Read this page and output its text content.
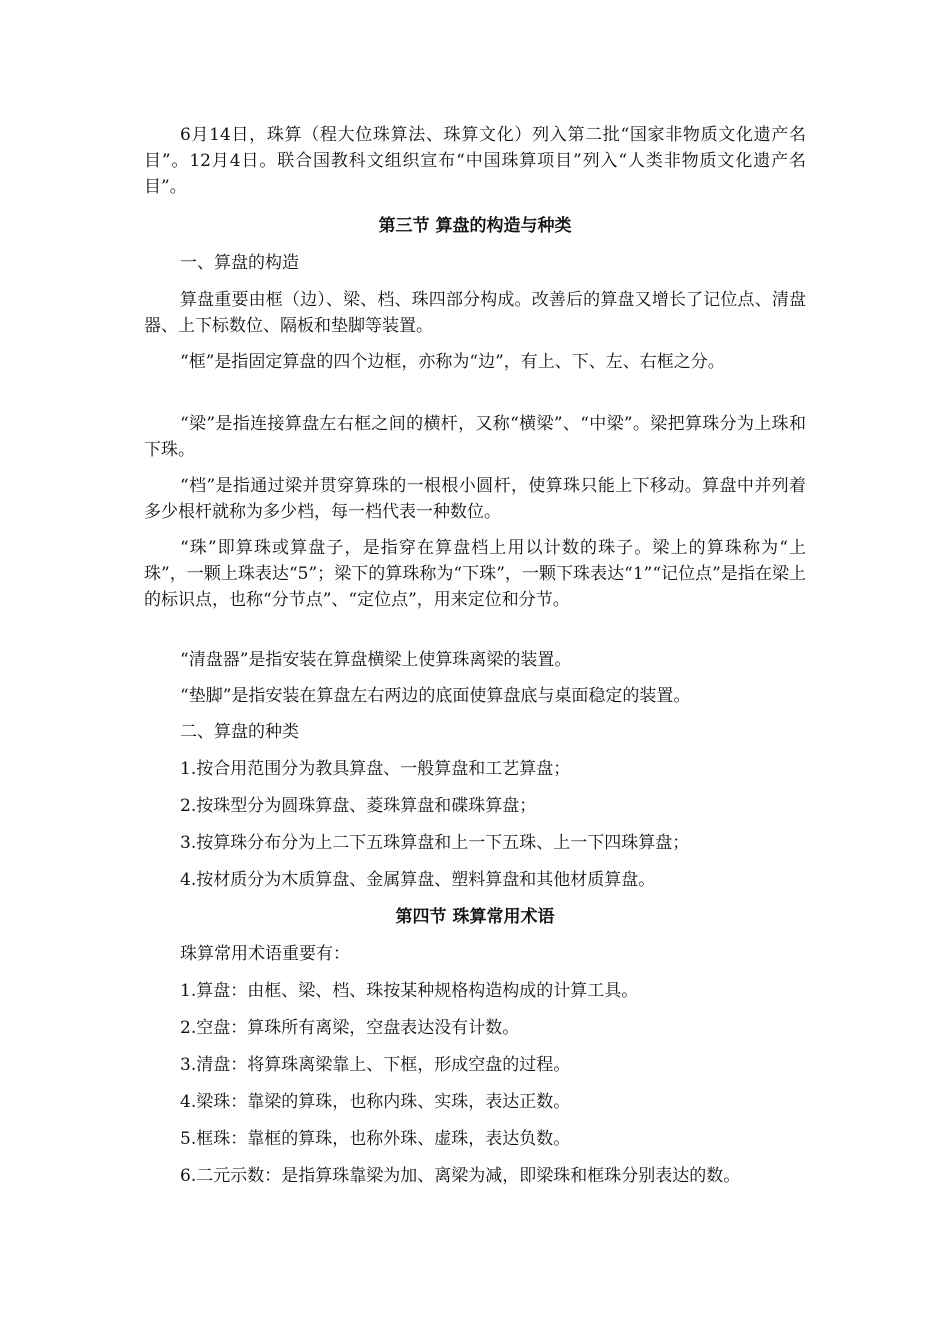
6月14日，珠算（程大位珠算法、珠算文化）列入第二批“国家非物质文化遗产名目”。12月4日。联合国教科文组织宣布“中国珠算项目”列入“人类非物质文化遗产名目”。

第三节 算盘的构造与种类

一、算盘的构造

算盘重要由框（边）、梁、档、珠四部分构成。改善后的算盘又增长了记位点、清盘器、上下标数位、隔板和垫脚等装置。

“框”是指固定算盘的四个边框，亦称为“边”，有上、下、左、右框之分。

“梁”是指连接算盘左右框之间的横杆，又称“横梁”、“中梁”。梁把算珠分为上珠和下珠。

“档”是指通过梁并贯穿算珠的一根根小圆杆，使算珠只能上下移动。算盘中并列着多少根杆就称为多少档，每一档代表一种数位。

“珠”即算珠或算盘子，是指穿在算盘档上用以计数的珠子。梁上的算珠称为“上珠”，一颗上珠表达“5”；梁下的算珠称为“下珠”，一颗下珠表达“1”“记位点”是指在梁上的标识点，也称“分节点”、“定位点”，用来定位和分节。

“清盘器”是指安装在算盘横梁上使算珠离梁的装置。

“垫脚”是指安装在算盘左右两边的底面使算盘底与桌面稳定的装置。

二、算盘的种类

1.按合用范围分为教具算盘、一般算盘和工艺算盘；

2.按珠型分为圆珠算盘、菱珠算盘和碟珠算盘；

3.按算珠分布分为上二下五珠算盘和上一下五珠、上一下四珠算盘；

4.按材质分为木质算盘、金属算盘、塑料算盘和其他材质算盘。

第四节 珠算常用术语

珠算常用术语重要有：

1.算盘：由框、梁、档、珠按某种规格构造构成的计算工具。

2.空盘：算珠所有离梁，空盘表达没有计数。

3.清盘：将算珠离梁靠上、下框，形成空盘的过程。

4.梁珠：靠梁的算珠，也称内珠、实珠，表达正数。

5.框珠：靠框的算珠，也称外珠、虚珠，表达负数。

6.二元示数：是指算珠靠梁为加、离梁为减，即梁珠和框珠分别表达的数。
